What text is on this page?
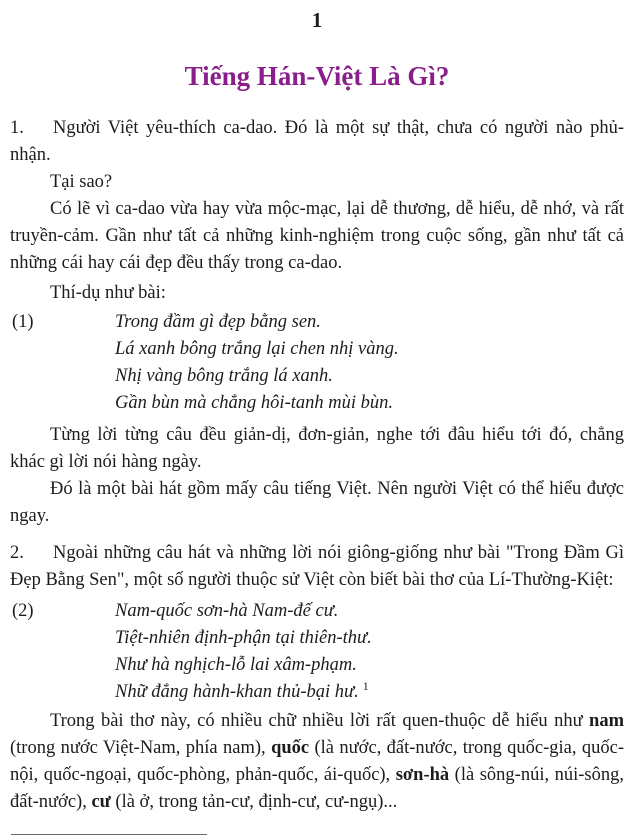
1
Tiếng Hán-Việt Là Gì?

1. Người Việt yêu-thích ca-dao. Đó là một sự thật, chưa có người nào phủ-nhận.

Tại sao?

Có lẽ vì ca-dao vừa hay vừa mộc-mạc, lại dễ thương, dễ hiểu, dễ nhớ, và rất truyền-cảm. Gần như tất cả những kinh-nghiệm trong cuộc sống, gần như tất cả những cái hay cái đẹp đều thấy trong ca-dao.

Thí-dụ như bài:

(1)	Trong đầm gì đẹp bằng sen.
Lá xanh bông trắng lại chen nhị vàng.
Nhị vàng bông trắng lá xanh.
Gần bùn mà chẳng hôi-tanh mùi bùn.

Từng lời từng câu đều giản-dị, đơn-giản, nghe tới đâu hiểu tới đó, chẳng khác gì lời nói hàng ngày.

Đó là một bài hát gồm mấy câu tiếng Việt. Nên người Việt có thể hiểu được ngay.

2. Ngoài những câu hát và những lời nói giông-giống như bài "Trong Đầm Gì Đẹp Bằng Sen", một số người thuộc sử Việt còn biết bài thơ của Lí-Thường-Kiệt:

(2)	Nam-quốc sơn-hà Nam-đế cư.
Tiệt-nhiên định-phận tại thiên-thư.
Như hà nghịch-lỗ lai xâm-phạm.
Nhữ đẳng hành-khan thủ-bại hư. $^1$

Trong bài thơ này, có nhiều chữ nhiều lời rất quen-thuộc dễ hiểu như nam (trong nước Việt-Nam, phía nam), quốc (là nước, đất-nước, trong quốc-gia, quốc-nội, quốc-ngoại, quốc-phòng, phản-quốc, ái-quốc), sơn-hà (là sông-núi, núi-sông, đất-nước), cư (là ở, trong tản-cư, định-cư, cư-ngụ)...
